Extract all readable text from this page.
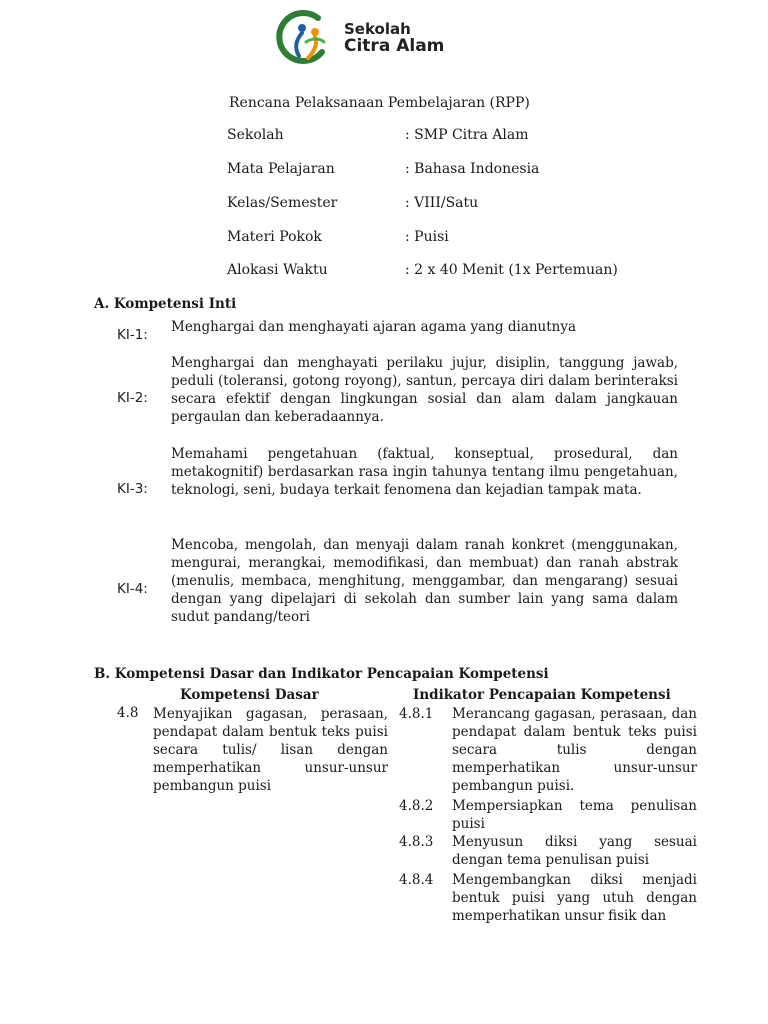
Sekolah
Citra Alam
Rencana Pelaksanaan Pembelajaran (RPP)
Sekolah	: SMP Citra Alam
Mata Pelajaran	: Bahasa Indonesia
Kelas/Semester	: VIII/Satu
Materi Pokok	: Puisi
Alokasi Waktu	: 2 x 40 Menit (1x Pertemuan)
A. Kompetensi Inti
KI-1: Menghargai dan menghayati ajaran agama yang dianutnya
KI-2:
Menghargai dan menghayati perilaku jujur, disiplin, tanggung jawab, peduli (toleransi, gotong royong), santun, percaya diri dalam berinteraksi secara efektif dengan lingkungan sosial dan alam dalam jangkauan pergaulan dan keberadaannya.
KI-3:
Memahami pengetahuan (faktual, konseptual, prosedural, dan metakognitif) berdasarkan rasa ingin tahunya tentang ilmu pengetahuan, teknologi, seni, budaya terkait fenomena dan kejadian tampak mata.
KI-4:
Mencoba, mengolah, dan menyaji dalam ranah konkret (menggunakan, mengurai, merangkai, memodifikasi, dan membuat) dan ranah abstrak (menulis, membaca, menghitung, menggambar, dan mengarang) sesuai dengan yang dipelajari di sekolah dan sumber lain yang sama dalam sudut pandang/teori
B. Kompetensi Dasar dan Indikator Pencapaian Kompetensi
Kompetensi Dasar	Indikator Pencapaian Kompetensi
4.8 Menyajikan gagasan, perasaan, pendapat dalam bentuk teks puisi secara tulis/ lisan dengan memperhatikan unsur-unsur pembangun puisi
4.8.1 Merancang gagasan, perasaan, dan pendapat dalam bentuk teks puisi secara tulis dengan memperhatikan unsur-unsur pembangun puisi.
4.8.2 Mempersiapkan tema penulisan puisi
4.8.3 Menyusun diksi yang sesuai dengan tema penulisan puisi
4.8.4 Mengembangkan diksi menjadi bentuk puisi yang utuh dengan memperhatikan unsur fisik dan
